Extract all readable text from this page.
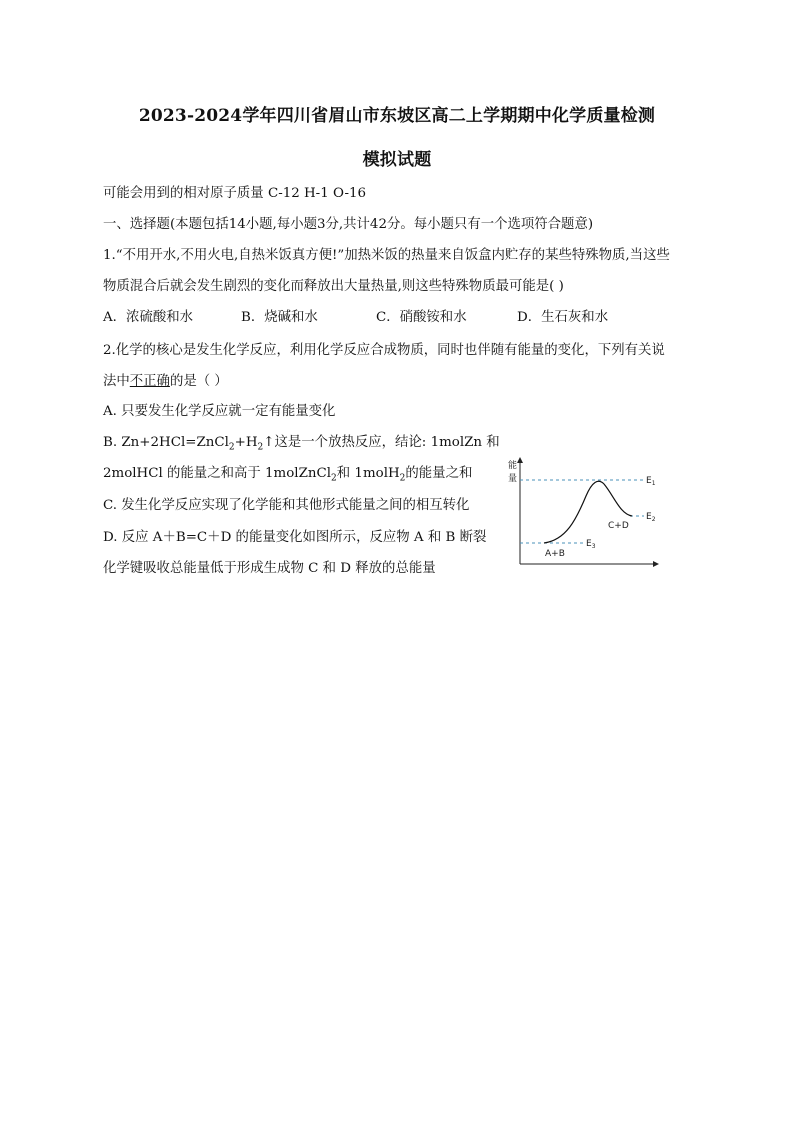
2023-2024学年四川省眉山市东坡区高二上学期期中化学质量检测
模拟试题
可能会用到的相对原子质量 C-12 H-1 O-16
一、选择题(本题包括14小题,每小题3分,共计42分。每小题只有一个选项符合题意)
1.“不用开水,不用火电,自热米饭真方便!”加热米饭的热量来自饭盒内贮存的某些特殊物质,当这些
物质混合后就会发生剧烈的变化而释放出大量热量,则这些特殊物质最可能是( )
A．浓硫酸和水	B．烧碱和水	C．硝酸铵和水	D．生石灰和水
2.化学的核心是发生化学反应，利用化学反应合成物质，同时也伴随有能量的变化，下列有关说
法中不正确的是（ ）
A. 只要发生化学反应就一定有能量变化
B. $Zn+2HCl=ZnCl_2+H_2↑$这是一个放热反应，结论: 1molZn 和
2molHCl 的能量之和高于 1molZnCl$_2$和 1molH$_2$的能量之和
C. 发生化学反应实现了化学能和其他形式能量之间的相互转化
D. 反应 A＋B=C＋D 的能量变化如图所示，反应物 A 和 B 断裂
化学键吸收总能量低于形成生成物 C 和 D 释放的总能量
能
量	$E_1$
$E_2$
$E_3$
C+D
A+B
